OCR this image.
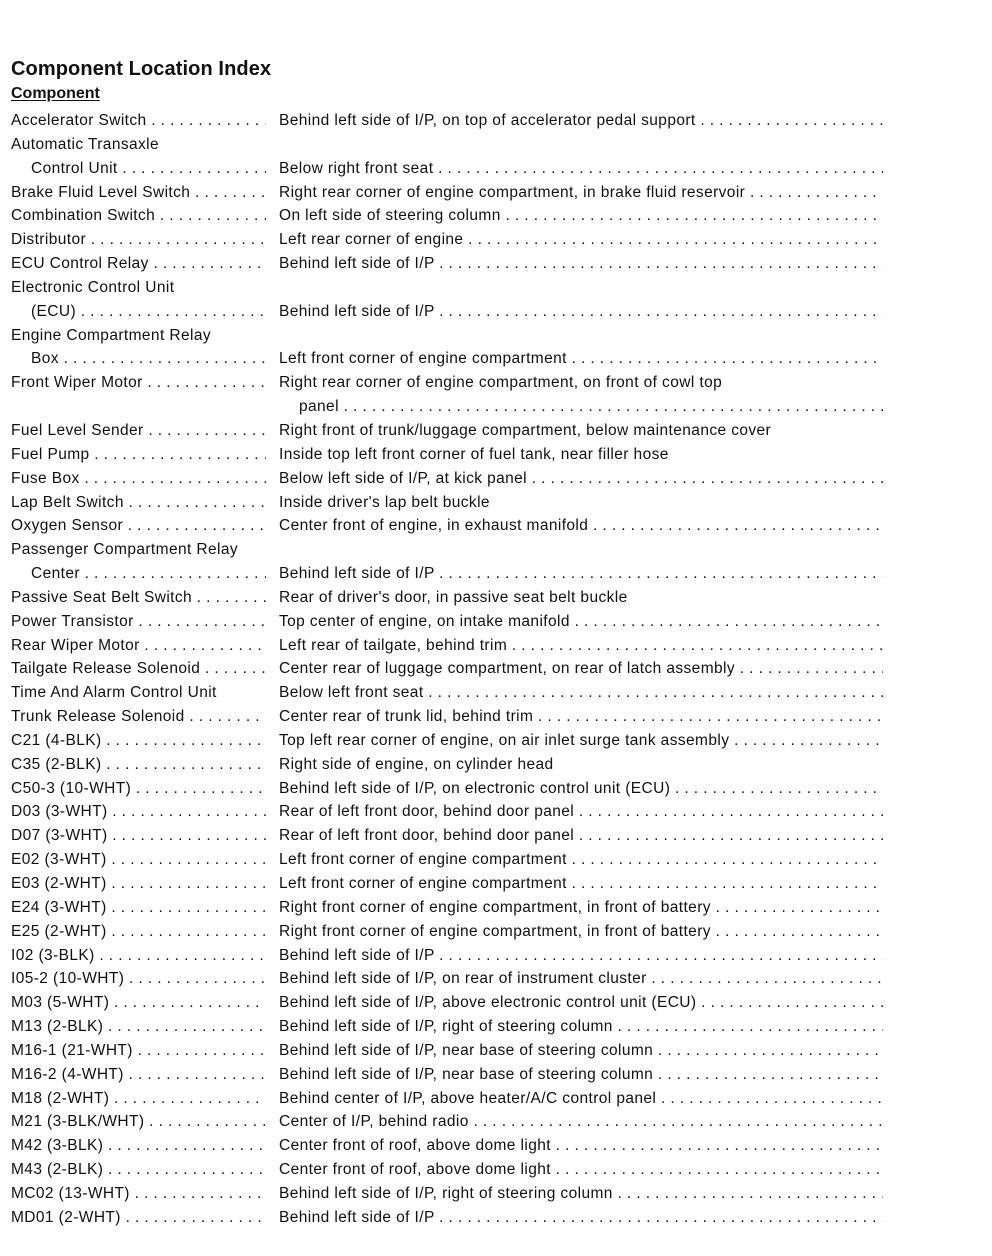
Component Location Index
Component
Accelerator Switch . . .	Behind left side of I/P, on top of accelerator pedal support . . .
Automatic Transaxle
Control Unit . . .	Below right front seat . . .
Brake Fluid Level Switch . . .	Right rear corner of engine compartment, in brake fluid reservoir . . .
Combination Switch . . .	On left side of steering column . . .
Distributor . . .	Left rear corner of engine . . .
ECU Control Relay . . .	Behind left side of I/P . . .
Electronic Control Unit
(ECU) . . .	Behind left side of I/P . . .
Engine Compartment Relay
Box . . .	Left front corner of engine compartment . . .
Front Wiper Motor . . .	Right rear corner of engine compartment, on front of cowl top
panel . . .
Fuel Level Sender . . .	Right front of trunk/luggage compartment, below maintenance cover
Fuel Pump . . .	Inside top left front corner of fuel tank, near filler hose
Fuse Box . . .	Below left side of I/P, at kick panel . . .
Lap Belt Switch . . .	Inside driver's lap belt buckle
Oxygen Sensor . . .	Center front of engine, in exhaust manifold . . .
Passenger Compartment Relay
Center . . .	Behind left side of I/P . . .
Passive Seat Belt Switch . . .	Rear of driver's door, in passive seat belt buckle
Power Transistor . . .	Top center of engine, on intake manifold . . .
Rear Wiper Motor . . .	Left rear of tailgate, behind trim . . .
Tailgate Release Solenoid . . .	Center rear of luggage compartment, on rear of latch assembly . . .
Time And Alarm Control Unit	Below left front seat . . .
Trunk Release Solenoid . . .	Center rear of trunk lid, behind trim . . .
C21 (4-BLK) . . .	Top left rear corner of engine, on air inlet surge tank assembly . . .
C35 (2-BLK) . . .	Right side of engine, on cylinder head
C50-3 (10-WHT) . . .	Behind left side of I/P, on electronic control unit (ECU) . . .
D03 (3-WHT) . . .	Rear of left front door, behind door panel . . .
D07 (3-WHT) . . .	Rear of left front door, behind door panel . . .
E02 (3-WHT) . . .	Left front corner of engine compartment . . .
E03 (2-WHT) . . .	Left front corner of engine compartment . . .
E24 (3-WHT) . . .	Right front corner of engine compartment, in front of battery . . .
E25 (2-WHT) . . .	Right front corner of engine compartment, in front of battery . . .
I02 (3-BLK) . . .	Behind left side of I/P . . .
I05-2 (10-WHT) . . .	Behind left side of I/P, on rear of instrument cluster . . .
M03 (5-WHT) . . .	Behind left side of I/P, above electronic control unit (ECU) . . .
M13 (2-BLK) . . .	Behind left side of I/P, right of steering column . . .
M16-1 (21-WHT) . . .	Behind left side of I/P, near base of steering column . . .
M16-2 (4-WHT) . . .	Behind left side of I/P, near base of steering column . . .
M18 (2-WHT) . . .	Behind center of I/P, above heater/A/C control panel . . .
M21 (3-BLK/WHT) . . .	Center of I/P, behind radio . . .
M42 (3-BLK) . . .	Center front of roof, above dome light . . .
M43 (2-BLK) . . .	Center front of roof, above dome light . . .
MC02 (13-WHT) . . .	Behind left side of I/P, right of steering column . . .
MD01 (2-WHT) . . .	Behind left side of I/P . . .
